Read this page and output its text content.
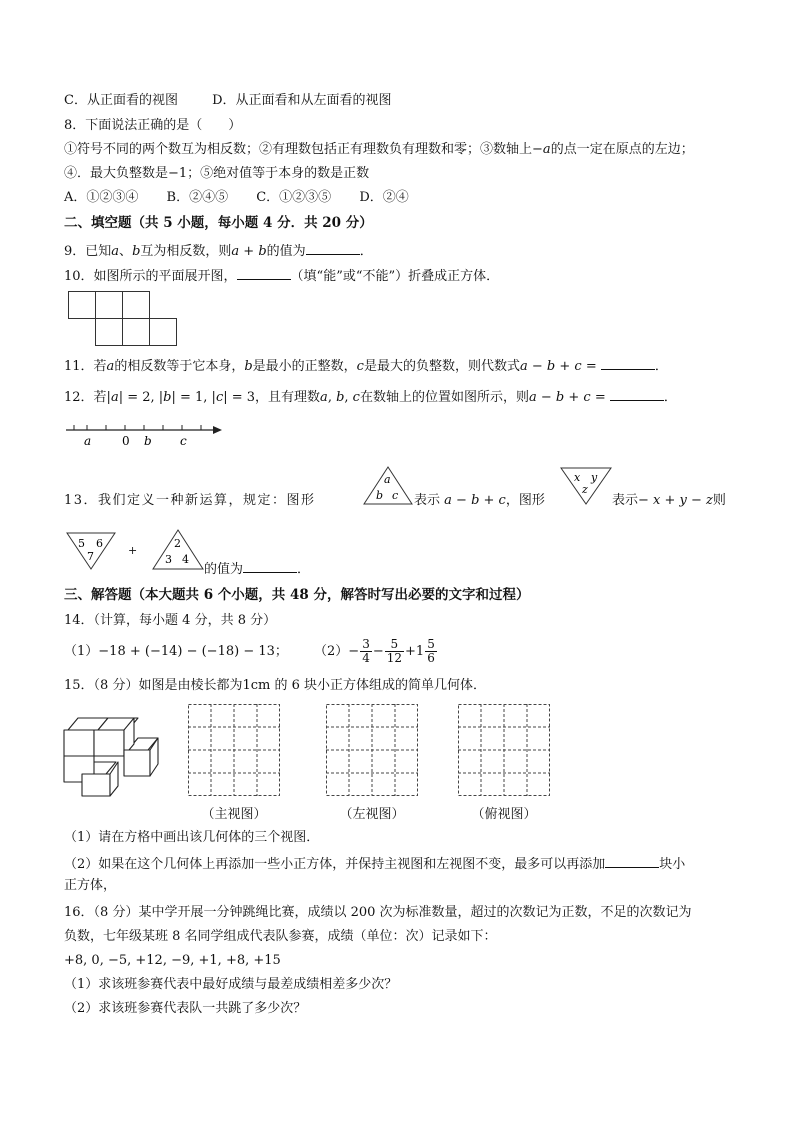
C．从正面看的视图	D．从正面看和从左面看的视图
8．下面说法正确的是（　　）
①符号不同的两个数互为相反数；②有理数包括正有理数负有理数和零；③数轴上−a的点一定在原点的左边；
④．最大负整数是−1；⑤绝对值等于本身的数是正数
A．①②③④ B．②④⑤ C．①②③⑤ D．②④
二、填空题（共 5 小题，每小题 4 分．共 20 分）
9．已知a、b互为相反数，则a + b的值为	．
10．如图所示的平面展开图，	（填“能”或“不能”）折叠成正方体．
11．若a的相反数等于它本身，b是最小的正整数，c是最大的负整数，则代数式a − b + c =	．
12．若|a| = 2, |b| = 1, |c| = 3，且有理数a, b, c在数轴上的位置如图所示，则a − b + c =	．
a	0 b c
13．我们定义一种新运算，规定：图形
a
b c 表示 a − b + c，图形
x y
z
表示− x + y − z则
5 6
7	+
2
3 4
的值为	．
三、解答题（本大题共 6 个小题，共 48 分，解答时写出必要的文字和过程）
14．（计算，每小题 4 分，共 8 分）
（1）−18 + (−14) − (−18) − 13； $(2)- \frac{3}{4} - \frac{5}{12} +1 \frac{5}{6}$
15．（8 分）如图是由棱长都为1cm 的 6 块小正方体组成的简单几何体．
（主视图）	（左视图）	（俯视图）
（1）请在方格中画出该几何体的三个视图．
（2）如果在这个几何体上再添加一些小正方体，并保持主视图和左视图不变，最多可以再添加	块小
正方体，
16．（8 分）某中学开展一分钟跳绳比赛，成绩以 200 次为标准数量，超过的次数记为正数，不足的次数记为
负数，七年级某班 8 名同学组成代表队参赛，成绩（单位：次）记录如下：
+8, 0, −5, +12, −9, +1, +8, +15
（1）求该班参赛代表中最好成绩与最差成绩相差多少次？
（2）求该班参赛代表队一共跳了多少次？
